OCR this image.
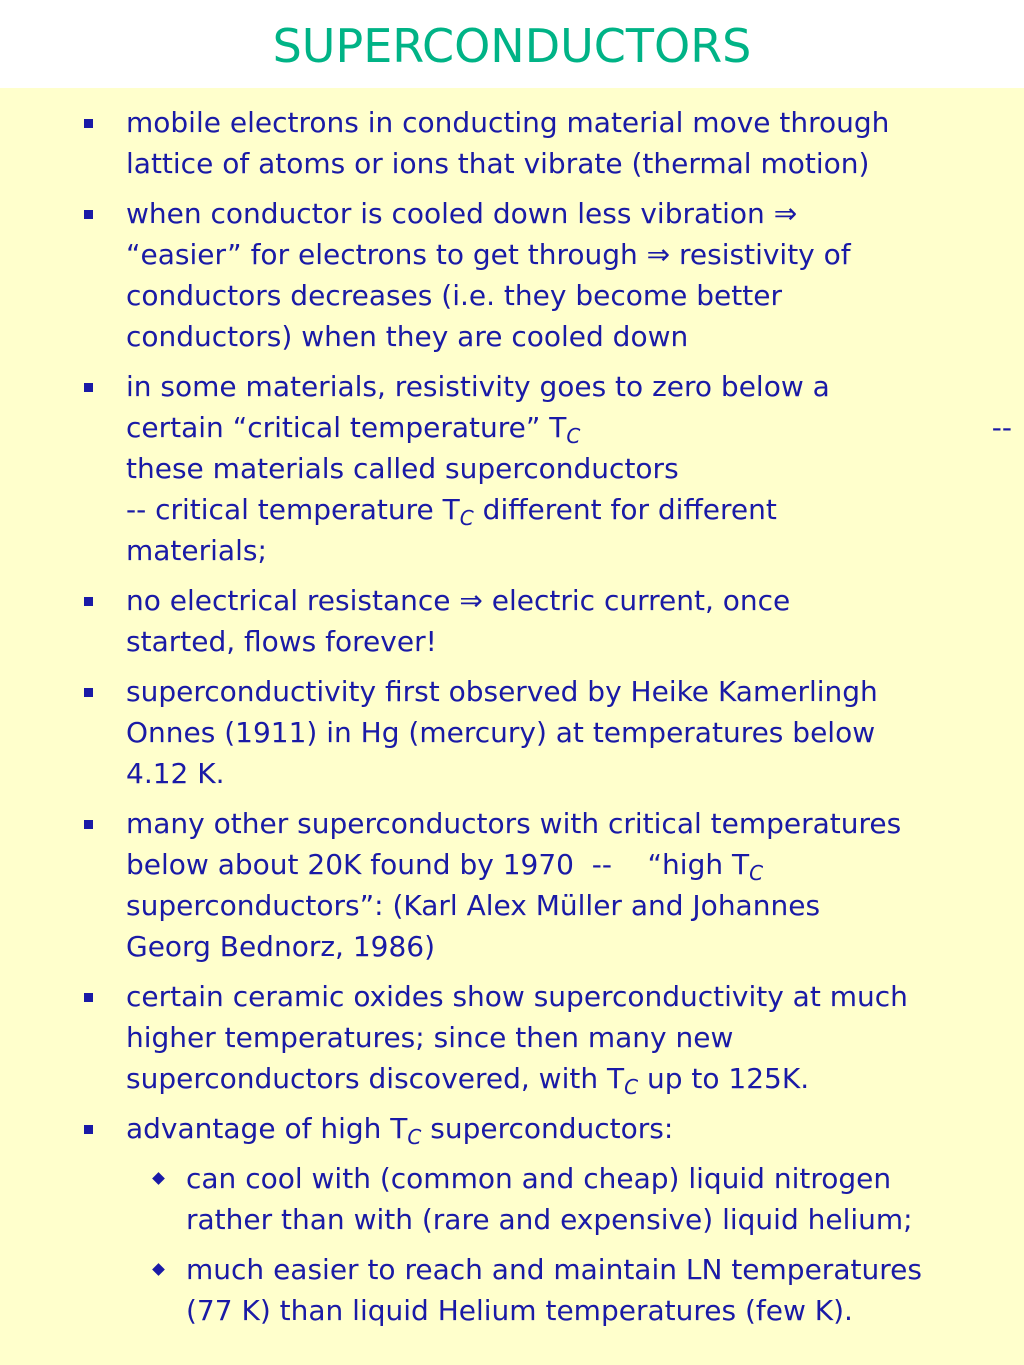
SUPERCONDUCTORS
mobile electrons in conducting material move through
lattice of atoms or ions that vibrate (thermal motion)
when conductor is cooled down less vibration ⇒
“easier” for electrons to get through ⇒ resistivity of
conductors decreases (i.e. they become better
conductors) when they are cooled down
in some materials, resistivity goes to zero below a
certain “critical temperature” $T_C$	--
these materials called superconductors
-- critical temperature $T_C$ different for different
materials;
no electrical resistance ⇒ electric current, once
started, flows forever!
superconductivity first observed by Heike Kamerlingh
Onnes (1911) in Hg (mercury) at temperatures below
4.12 K.
many other superconductors with critical temperatures
below about 20K found by 1970  --    “high $T_C$
superconductors”: (Karl Alex Müller and Johannes
Georg Bednorz, 1986)
certain ceramic oxides show superconductivity at much
higher temperatures; since then many new
superconductors discovered, with $T_C$ up to 125K.
advantage of high $T_C$ superconductors:
can cool with (common and cheap) liquid nitrogen
rather than with (rare and expensive) liquid helium;
much easier to reach and maintain LN temperatures
(77 K) than liquid Helium temperatures (few K).
